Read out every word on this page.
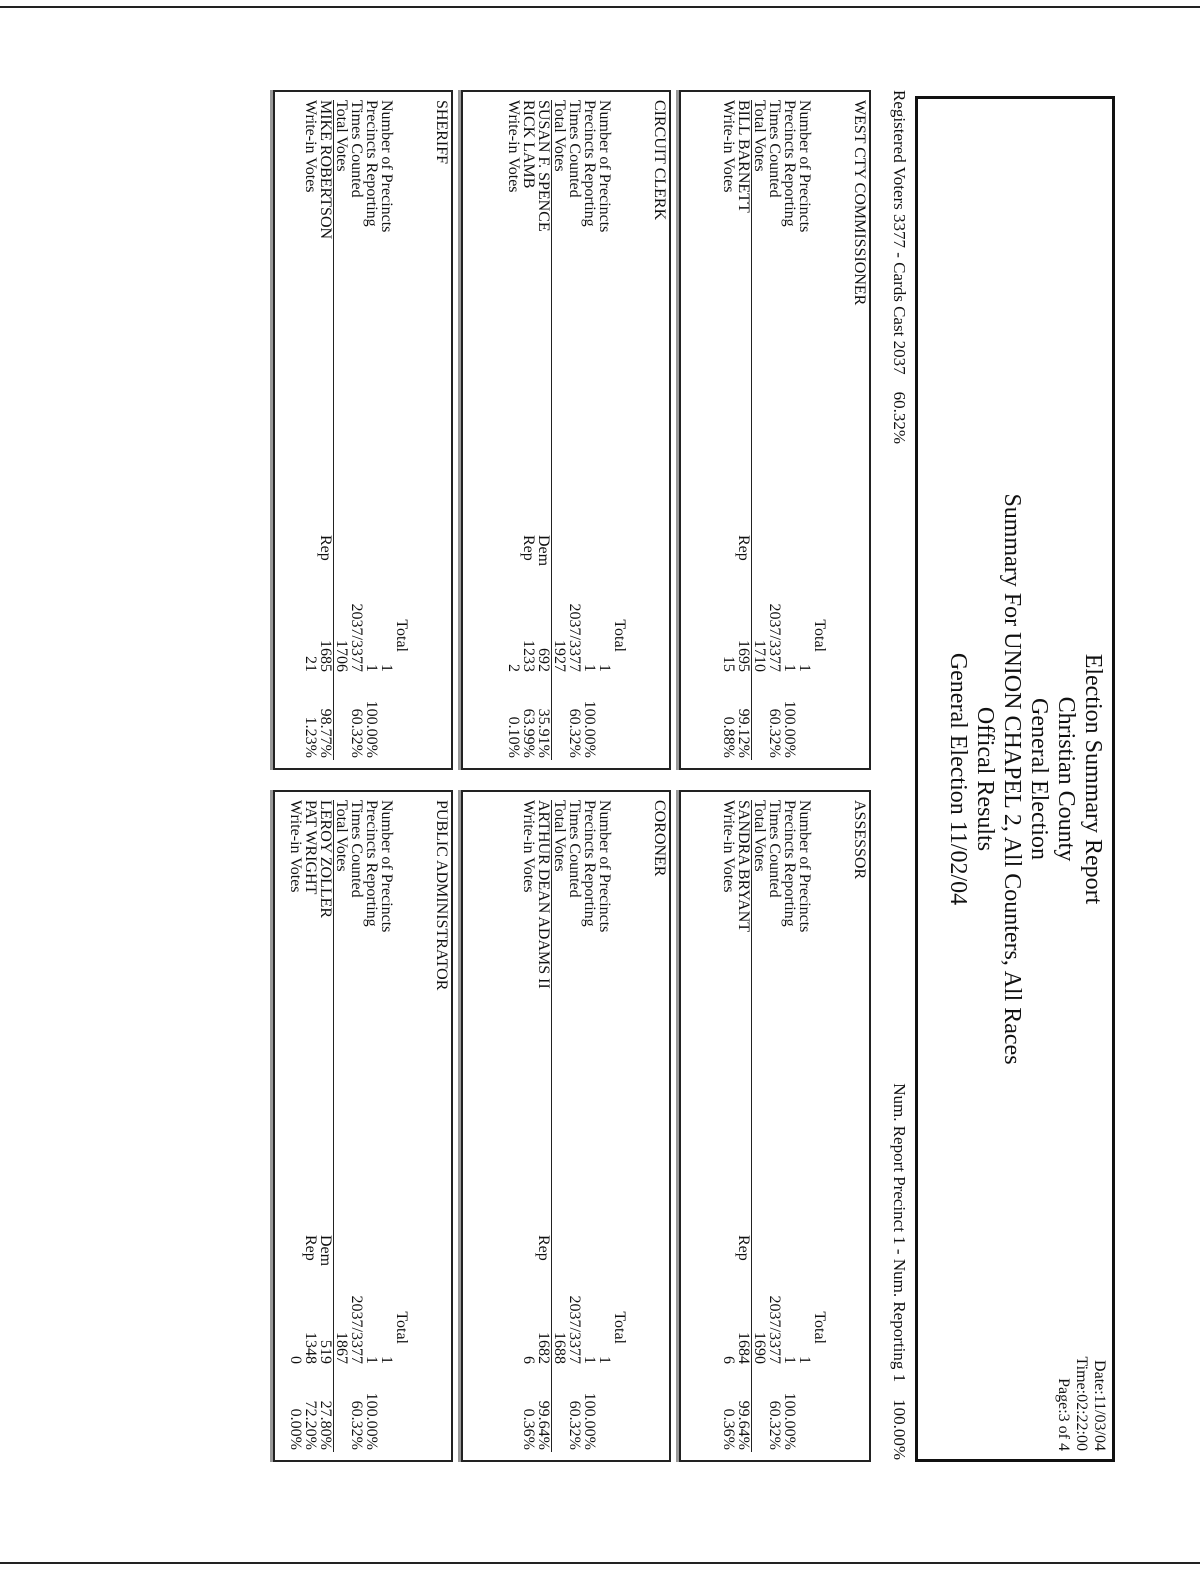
Election Summary Report
Christian County
General Election
Summary For UNION CHAPEL 2, All Counters, All Races
Offical Results
General Election 11/02/04
Date:11/03/04
Time:02:22:00
Page:3 of 4
Registered Voters 3377 - Cards Cast 2037    60.32%
Num. Report Precinct 1 - Num. Reporting 1    100.00%
WEST CTY COMMISSIONER
Total
Number of Precincts
1
Precincts Reporting
1
100.00%
Times Counted
2037/3377
60.32%
Total Votes
1710
BILL BARNETT
Rep
1695
99.12%
Write-in Votes
15
0.88%
CIRCUIT CLERK
Total
Number of Precincts
1
Precincts Reporting
1
100.00%
Times Counted
2037/3377
60.32%
Total Votes
1927
SUSAN F. SPENCE
Dem
692
35.91%
RICK LAMB
Rep
1233
63.99%
Write-in Votes
2
0.10%
SHERIFF
Total
Number of Precincts
1
Precincts Reporting
1
100.00%
Times Counted
2037/3377
60.32%
Total Votes
1706
MIKE ROBERTSON
Rep
1685
98.77%
Write-in Votes
21
1.23%
ASSESSOR
Total
Number of Precincts
1
Precincts Reporting
1
100.00%
Times Counted
2037/3377
60.32%
Total Votes
1690
SANDRA BRYANT
Rep
1684
99.64%
Write-in Votes
6
0.36%
CORONER
Total
Number of Precincts
1
Precincts Reporting
1
100.00%
Times Counted
2037/3377
60.32%
Total Votes
1688
ARTHUR DEAN ADAMS II
Rep
1682
99.64%
Write-in Votes
6
0.36%
PUBLIC ADMINISTRATOR
Total
Number of Precincts
1
Precincts Reporting
1
100.00%
Times Counted
2037/3377
60.32%
Total Votes
1867
LEROY ZOLLER
Dem
519
27.80%
PAT WRIGHT
Rep
1348
72.20%
Write-in Votes
0
0.00%
